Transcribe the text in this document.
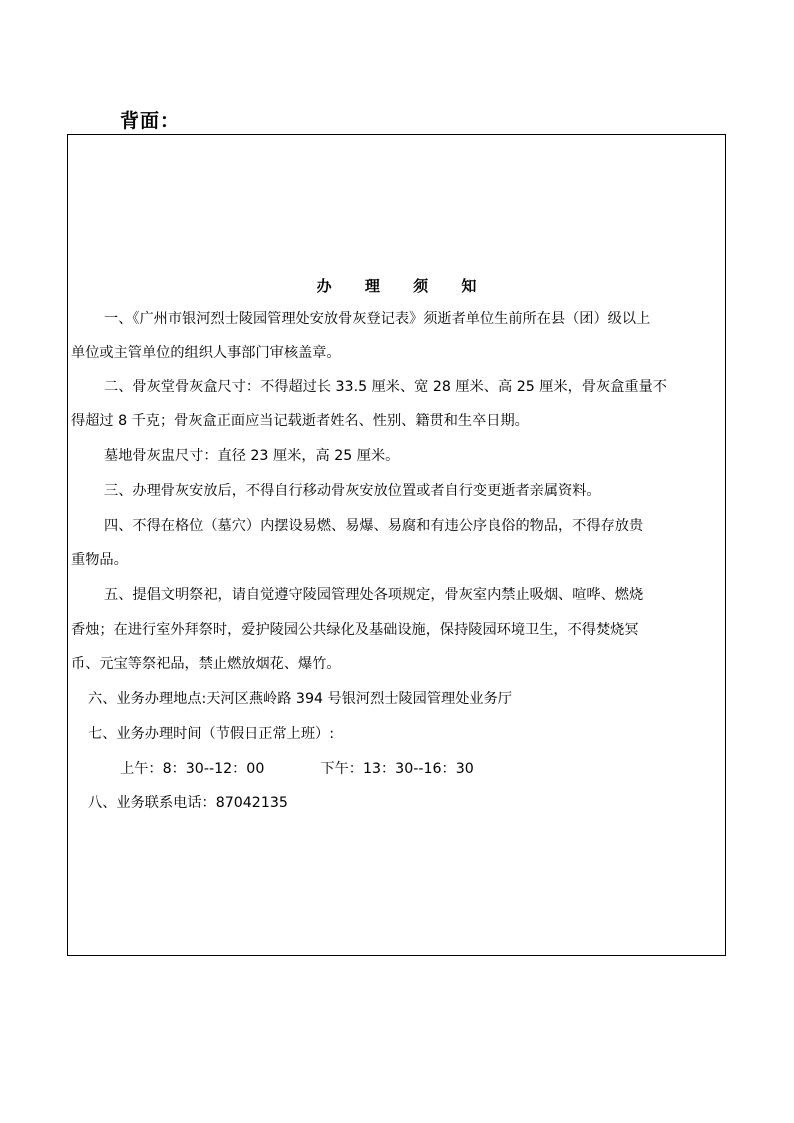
背面：
办 理 须 知
一、《广州市银河烈士陵园管理处安放骨灰登记表》须逝者单位生前所在县（团）级以上
单位或主管单位的组织人事部门审核盖章。
二、骨灰堂骨灰盒尺寸：不得超过长 33.5 厘米、宽 28 厘米、高 25 厘米，骨灰盒重量不
得超过 8 千克；骨灰盒正面应当记载逝者姓名、性别、籍贯和生卒日期。
墓地骨灰盅尺寸：直径 23 厘米，高 25 厘米。
三、办理骨灰安放后，不得自行移动骨灰安放位置或者自行变更逝者亲属资料。
四、不得在格位（墓穴）内摆设易燃、易爆、易腐和有违公序良俗的物品，不得存放贵
重物品。
五、提倡文明祭祀，请自觉遵守陵园管理处各项规定，骨灰室内禁止吸烟、喧哗、燃烧
香烛；在进行室外拜祭时，爱护陵园公共绿化及基础设施，保持陵园环境卫生，不得焚烧冥
币、元宝等祭祀品，禁止燃放烟花、爆竹。
六、业务办理地点:天河区燕岭路 394 号银河烈士陵园管理处业务厅
七、业务办理时间（节假日正常上班）:
上午：8：30--12：00	下午：13：30--16：30
八、业务联系电话：87042135
